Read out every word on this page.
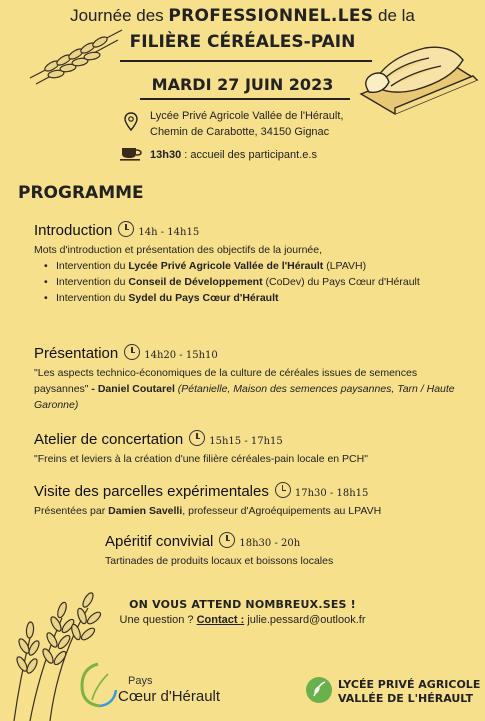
Journée des PROFESSIONNEL.LES de la
FILIÈRE CÉRÉALES-PAIN
MARDI 27 JUIN 2023
Lycée Privé Agricole Vallée de l'Hérault,
Chemin de Carabotte, 34150 Gignac
13h30 : accueil des participant.e.s
PROGRAMME
Introduction	14h - 14h15
Mots d'introduction et présentation des objectifs de la journée,
• Intervention du Lycée Privé Agricole Vallée de l'Hérault (LPAVH)
• Intervention du Conseil de Développement (CoDev) du Pays Cœur d'Hérault
• Intervention du Sydel du Pays Cœur d'Hérault
Présentation	14h20 - 15h10
"Les aspects technico-économiques de la culture de céréales issues de semences paysannes" - Daniel Coutarel (Pétanielle, Maison des semences paysannes, Tarn / Haute Garonne)
Atelier de concertation	15h15 - 17h15
"Freins et leviers à la création d'une filière céréales-pain locale en PCH"
Visite des parcelles expérimentales	17h30 - 18h15
Présentées par Damien Savelli, professeur d'Agroéquipements au LPAVH
Apéritif convivial	18h30 - 20h
Tartinades de produits locaux et boissons locales
ON VOUS ATTEND NOMBREUX.SES !
Une question ? Contact : julie.pessard@outlook.fr
Pays
Cœur d'Hérault
LYCÉE PRIVÉ AGRICOLE
VALLÉE DE L'HÉRAULT
